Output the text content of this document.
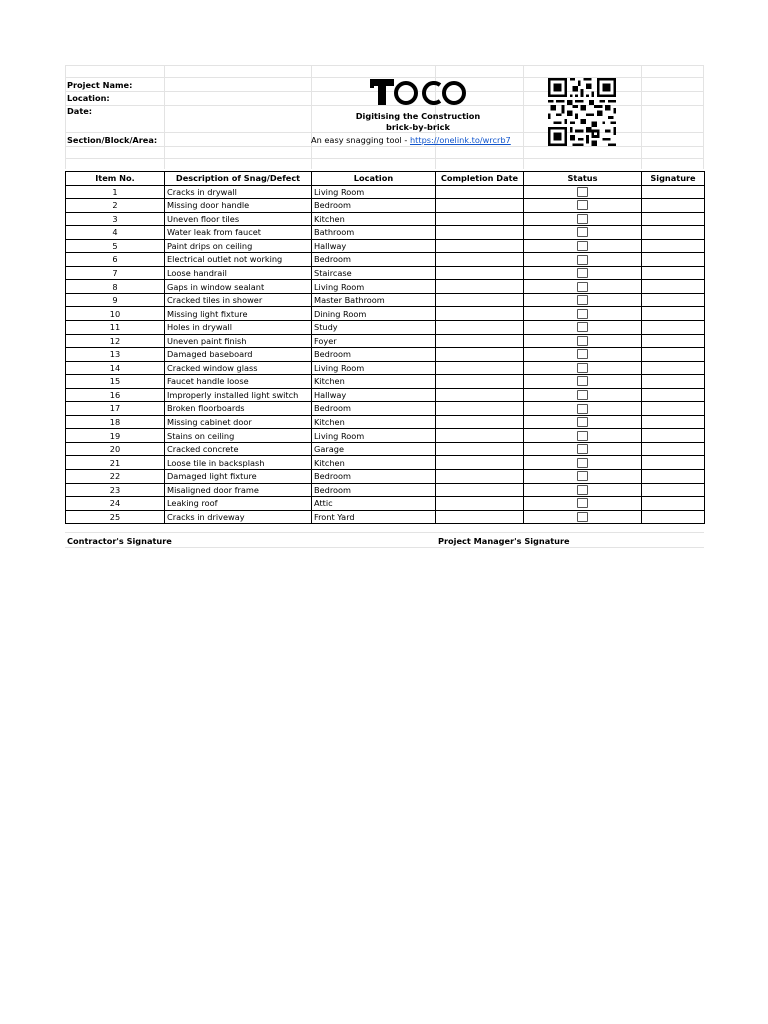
Project Name:
Location:
Date:
Section/Block/Area:
Digitising the Construction
brick-by-brick
An easy snagging tool - https://onelink.to/wrcrb7
Item No.	Description of Snag/Defect	Location	Completion Date	Status	Signature
1	Cracks in drywall	Living Room			
2	Missing door handle	Bedroom			
3	Uneven floor tiles	Kitchen			
4	Water leak from faucet	Bathroom			
5	Paint drips on ceiling	Hallway			
6	Electrical outlet not working	Bedroom			
7	Loose handrail	Staircase			
8	Gaps in window sealant	Living Room			
9	Cracked tiles in shower	Master Bathroom			
10	Missing light fixture	Dining Room			
11	Holes in drywall	Study			
12	Uneven paint finish	Foyer			
13	Damaged baseboard	Bedroom			
14	Cracked window glass	Living Room			
15	Faucet handle loose	Kitchen			
16	Improperly installed light switch	Hallway			
17	Broken floorboards	Bedroom			
18	Missing cabinet door	Kitchen			
19	Stains on ceiling	Living Room			
20	Cracked concrete	Garage			
21	Loose tile in backsplash	Kitchen			
22	Damaged light fixture	Bedroom			
23	Misaligned door frame	Bedroom			
24	Leaking roof	Attic			
25	Cracks in driveway	Front Yard			
Contractor's Signature	Project Manager's Signature
